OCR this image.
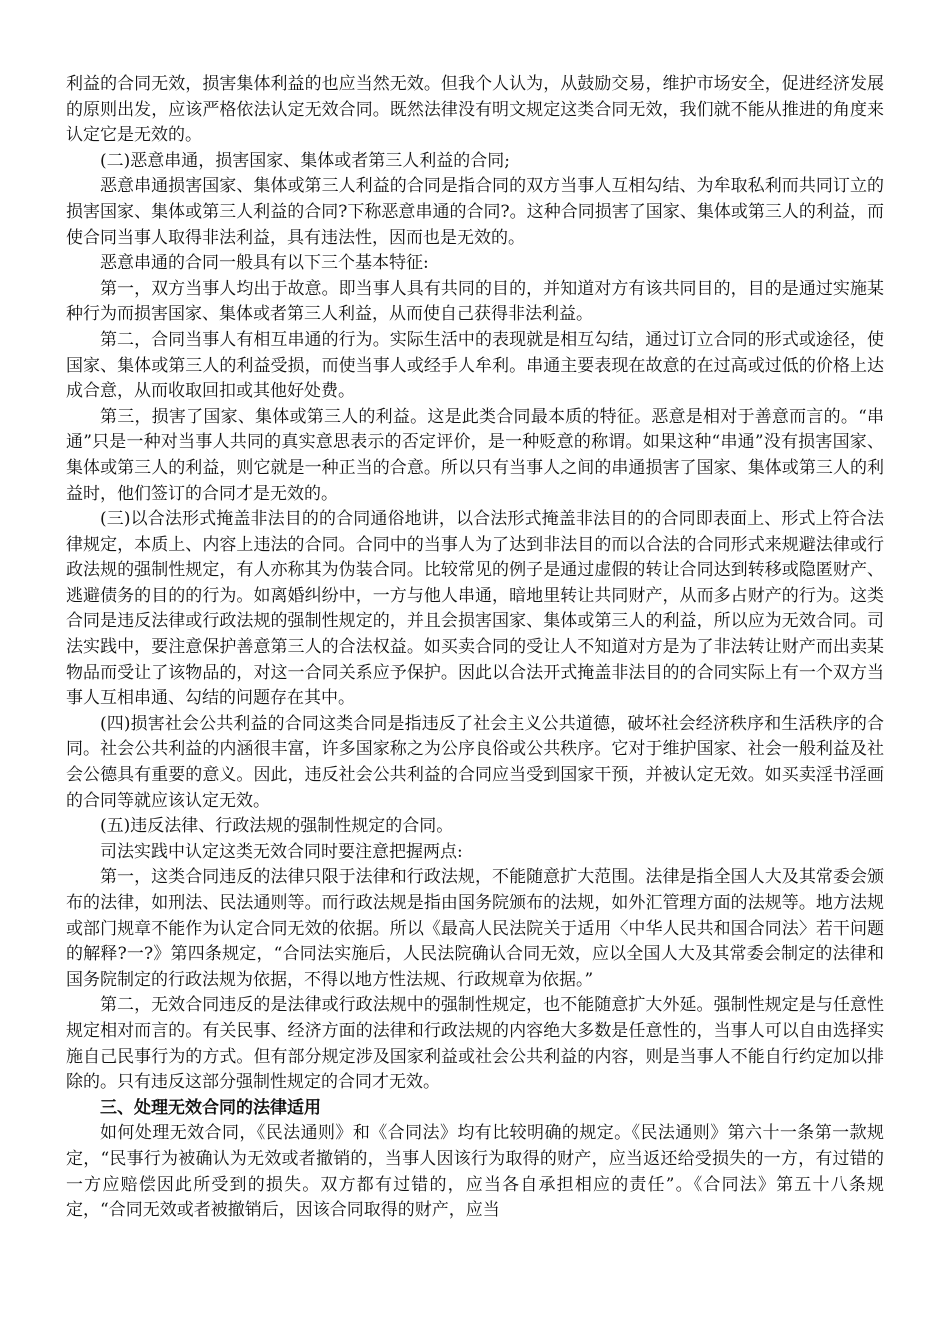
利益的合同无效，损害集体利益的也应当然无效。但我个人认为，从鼓励交易，维护市场安全，促进经济发展的原则出发，应该严格依法认定无效合同。既然法律没有明文规定这类合同无效，我们就不能从推进的角度来认定它是无效的。

(二)恶意串通，损害国家、集体或者第三人利益的合同;

恶意串通损害国家、集体或第三人利益的合同是指合同的双方当事人互相勾结、为牟取私利而共同订立的损害国家、集体或第三人利益的合同?下称恶意串通的合同?。这种合同损害了国家、集体或第三人的利益，而使合同当事人取得非法利益，具有违法性，因而也是无效的。

恶意串通的合同一般具有以下三个基本特征:

第一，双方当事人均出于故意。即当事人具有共同的目的，并知道对方有该共同目的，目的是通过实施某种行为而损害国家、集体或者第三人利益，从而使自己获得非法利益。

第二，合同当事人有相互串通的行为。实际生活中的表现就是相互勾结，通过订立合同的形式或途径，使国家、集体或第三人的利益受损，而使当事人或经手人牟利。串通主要表现在故意的在过高或过低的价格上达成合意，从而收取回扣或其他好处费。

第三，损害了国家、集体或第三人的利益。这是此类合同最本质的特征。恶意是相对于善意而言的。“串通”只是一种对当事人共同的真实意思表示的否定评价，是一种贬意的称谓。如果这种“串通”没有损害国家、集体或第三人的利益，则它就是一种正当的合意。所以只有当事人之间的串通损害了国家、集体或第三人的利益时，他们签订的合同才是无效的。

(三)以合法形式掩盖非法目的的合同通俗地讲，以合法形式掩盖非法目的的合同即表面上、形式上符合法律规定，本质上、内容上违法的合同。合同中的当事人为了达到非法目的而以合法的合同形式来规避法律或行政法规的强制性规定，有人亦称其为伪装合同。比较常见的例子是通过虚假的转让合同达到转移或隐匿财产、逃避债务的目的的行为。如离婚纠纷中，一方与他人串通，暗地里转让共同财产，从而多占财产的行为。这类合同是违反法律或行政法规的强制性规定的，并且会损害国家、集体或第三人的利益，所以应为无效合同。司法实践中，要注意保护善意第三人的合法权益。如买卖合同的受让人不知道对方是为了非法转让财产而出卖某物品而受让了该物品的，对这一合同关系应予保护。因此以合法开式掩盖非法目的的合同实际上有一个双方当事人互相串通、勾结的问题存在其中。

(四)损害社会公共利益的合同这类合同是指违反了社会主义公共道德，破坏社会经济秩序和生活秩序的合同。社会公共利益的内涵很丰富，许多国家称之为公序良俗或公共秩序。它对于维护国家、社会一般利益及社会公德具有重要的意义。因此，违反社会公共利益的合同应当受到国家干预，并被认定无效。如买卖淫书淫画的合同等就应该认定无效。

(五)违反法律、行政法规的强制性规定的合同。

司法实践中认定这类无效合同时要注意把握两点:

第一，这类合同违反的法律只限于法律和行政法规，不能随意扩大范围。法律是指全国人大及其常委会颁布的法律，如刑法、民法通则等。而行政法规是指由国务院颁布的法规，如外汇管理方面的法规等。地方法规或部门规章不能作为认定合同无效的依据。所以《最高人民法院关于适用〈中华人民共和国合同法〉若干问题的解释?一?》第四条规定，“合同法实施后，人民法院确认合同无效，应以全国人大及其常委会制定的法律和国务院制定的行政法规为依据，不得以地方性法规、行政规章为依据。”

第二，无效合同违反的是法律或行政法规中的强制性规定，也不能随意扩大外延。强制性规定是与任意性规定相对而言的。有关民事、经济方面的法律和行政法规的内容绝大多数是任意性的，当事人可以自由选择实施自己民事行为的方式。但有部分规定涉及国家利益或社会公共利益的内容，则是当事人不能自行约定加以排除的。只有违反这部分强制性规定的合同才无效。

三、处理无效合同的法律适用

如何处理无效合同，《民法通则》和《合同法》均有比较明确的规定。《民法通则》第六十一条第一款规定，“民事行为被确认为无效或者撤销的，当事人因该行为取得的财产，应当返还给受损失的一方，有过错的一方应赔偿因此所受到的损失。双方都有过错的，应当各自承担相应的责任”。《合同法》第五十八条规定，“合同无效或者被撤销后，因该合同取得的财产，应当
